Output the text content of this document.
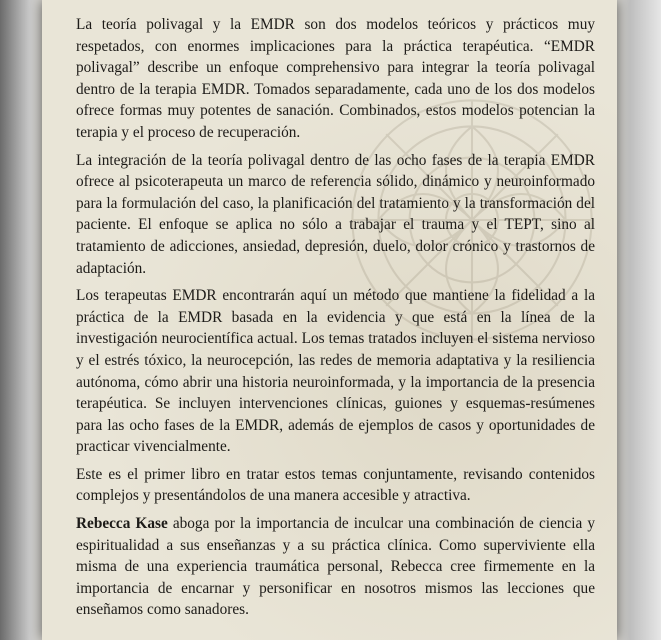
La teoría polivagal y la EMDR son dos modelos teóricos y prácticos muy respetados, con enormes implicaciones para la práctica terapéutica. “EMDR polivagal” describe un enfoque comprehensivo para integrar la teoría polivagal dentro de la terapia EMDR. Tomados separadamente, cada uno de los dos modelos ofrece formas muy potentes de sanación. Combinados, estos modelos potencian la terapia y el proceso de recuperación.

La integración de la teoría polivagal dentro de las ocho fases de la terapia EMDR ofrece al psicoterapeuta un marco de referencia sólido, dinámico y neuroinformado para la formulación del caso, la planificación del tratamiento y la transformación del paciente. El enfoque se aplica no sólo a trabajar el trauma y el TEPT, sino al tratamiento de adicciones, ansiedad, depresión, duelo, dolor crónico y trastornos de adaptación.

Los terapeutas EMDR encontrarán aquí un método que mantiene la fidelidad a la práctica de la EMDR basada en la evidencia y que está en la línea de la investigación neurocientífica actual. Los temas tratados incluyen el sistema nervioso y el estrés tóxico, la neurocepción, las redes de memoria adaptativa y la resiliencia autónoma, cómo abrir una historia neuroinformada, y la importancia de la presencia terapéutica. Se incluyen intervenciones clínicas, guiones y esquemas-resúmenes para las ocho fases de la EMDR, además de ejemplos de casos y oportunidades de practicar vivencialmente.

Este es el primer libro en tratar estos temas conjuntamente, revisando contenidos complejos y presentándolos de una manera accesible y atractiva.

Rebecca Kase aboga por la importancia de inculcar una combinación de ciencia y espiritualidad a sus enseñanzas y a su práctica clínica. Como superviviente ella misma de una experiencia traumática personal, Rebecca cree firmemente en la importancia de encarnar y personificar en nosotros mismos las lecciones que enseñamos como sanadores.
